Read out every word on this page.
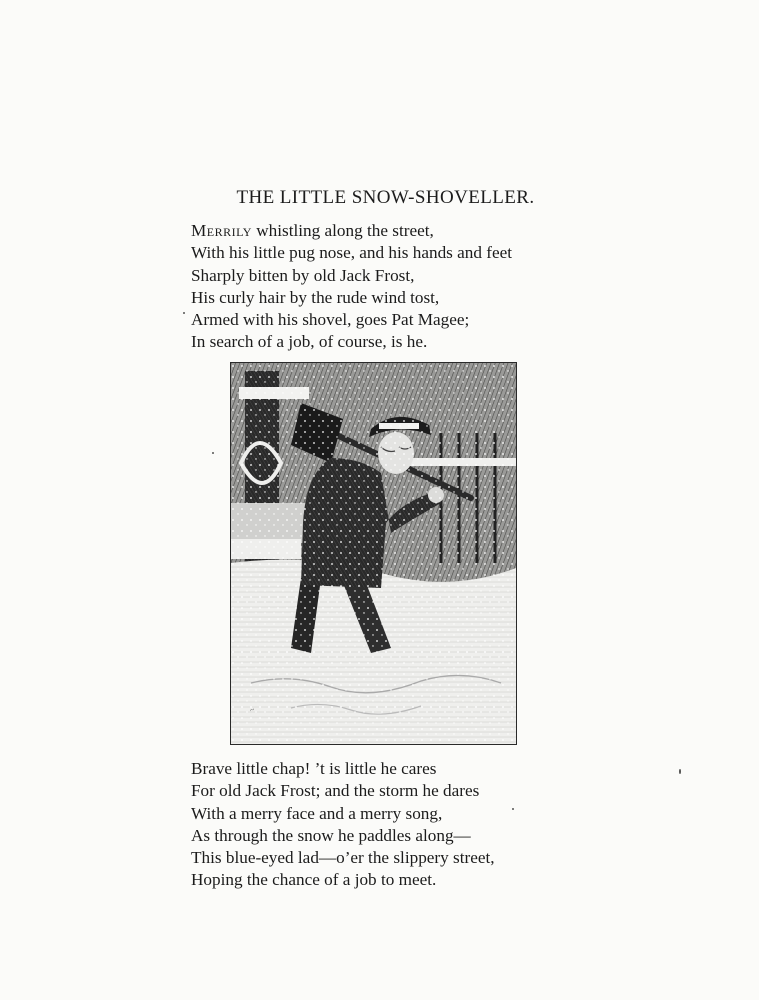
THE LITTLE SNOW-SHOVELLER.
Merrily whistling along the street,
With his little pug nose, and his hands and feet
Sharply bitten by old Jack Frost,
His curly hair by the rude wind tost,
Armed with his shovel, goes Pat Magee;
In search of a job, of course, is he.
~
Brave little chap! ’t is little he cares
For old Jack Frost; and the storm he dares
With a merry face and a merry song,
As through the snow he paddles along—
This blue-eyed lad—o’er the slippery street,
Hoping the chance of a job to meet.
